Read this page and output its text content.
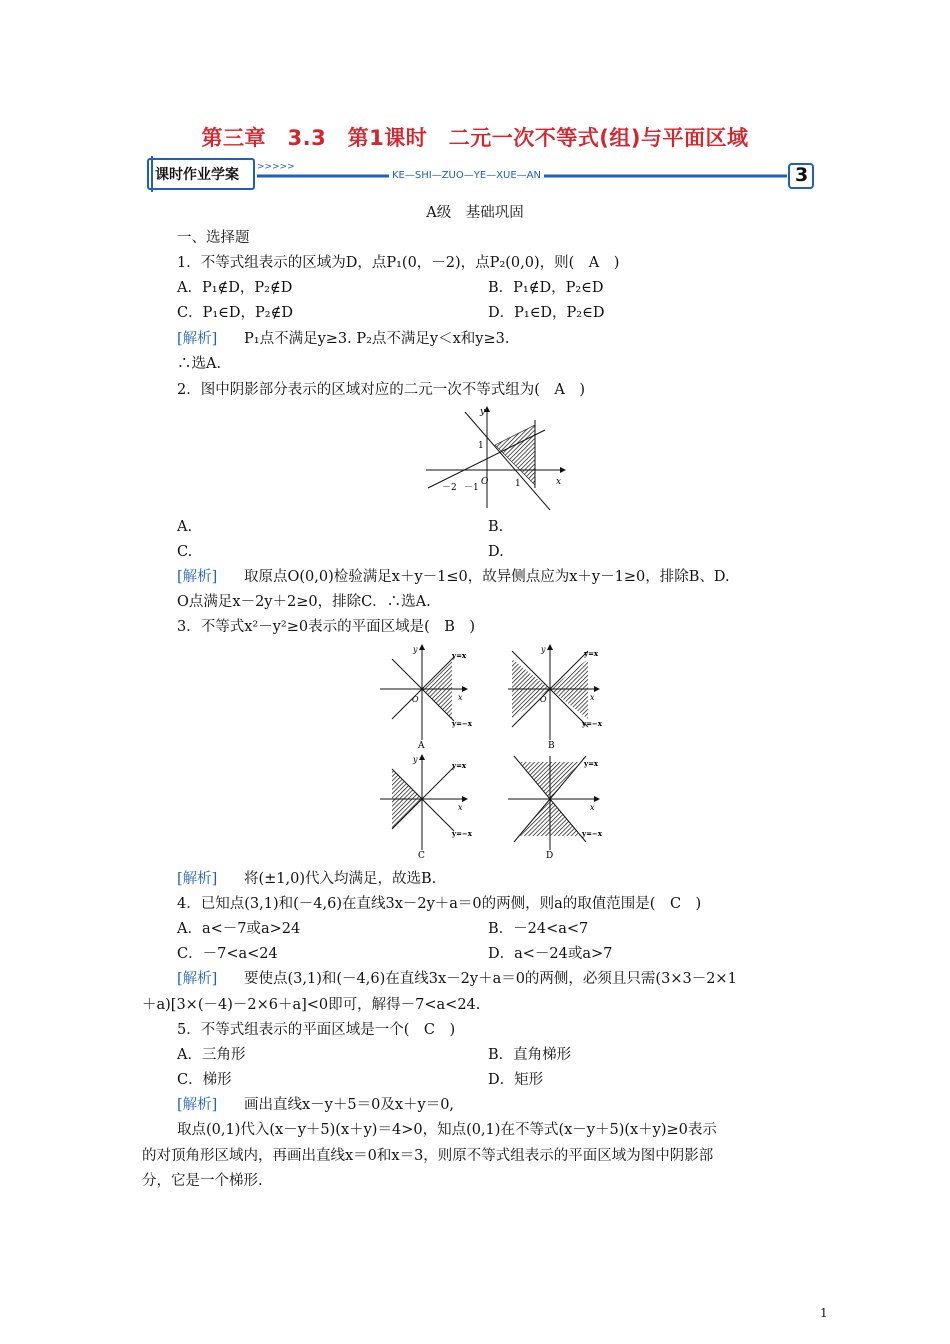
第三章　3.3　第1课时　二元一次不等式(组)与平面区域
课时作业学案 >>>>>
KE—SHI—ZUO—YE—XUE—AN	3
A级　基础巩固
一、选择题
1．不等式组表示的区域为D，点P₁(0，－2)，点P₂(0,0)，则(　A　)
A．P₁∉D，P₂∉D	B．P₁∉D，P₂∈D
C．P₁∈D，P₂∉D	D．P₁∈D，P₂∈D
[解析] P₁点不满足y≥3. P₂点不满足y＜x和y≥3.
∴选A.
2．图中阴影部分表示的区域对应的二元一次不等式组为(　A　)
y
x
1
－2 －1
O	1
A.	B.
C.	D.
[解析] 取原点O(0,0)检验满足x＋y－1≤0，故异侧点应为x＋y－1≥0，排除B、D.
O点满足x－2y＋2≥0，排除C．∴选A.
3．不等式x²－y²≥0表示的平面区域是(　B　)
y
x
O
y=x
y=−x
A
y
x
O
y=x
y=−x
B
y
x
y=x
y=−x
C
x
y=x
y=−x
D
[解析] 将(±1,0)代入均满足，故选B.
4．已知点(3,1)和(－4,6)在直线3x－2y＋a＝0的两侧，则a的取值范围是(　C　)
A．a<－7或a>24	B．－24<a<7
C．－7<a<24	D．a<－24或a>7
[解析] 要使点(3,1)和(－4,6)在直线3x－2y＋a＝0的两侧，必须且只需(3×3－2×1
＋a)[3×(－4)－2×6＋a]<0即可，解得－7<a<24.
5．不等式组表示的平面区域是一个(　C　)
A．三角形	B．直角梯形
C．梯形	D．矩形
[解析] 画出直线x－y＋5＝0及x＋y＝0,
取点(0,1)代入(x－y＋5)(x＋y)＝4>0，知点(0,1)在不等式(x－y＋5)(x＋y)≥0表示
的对顶角形区域内，再画出直线x＝0和x＝3，则原不等式组表示的平面区域为图中阴影部
分，它是一个梯形.
1
